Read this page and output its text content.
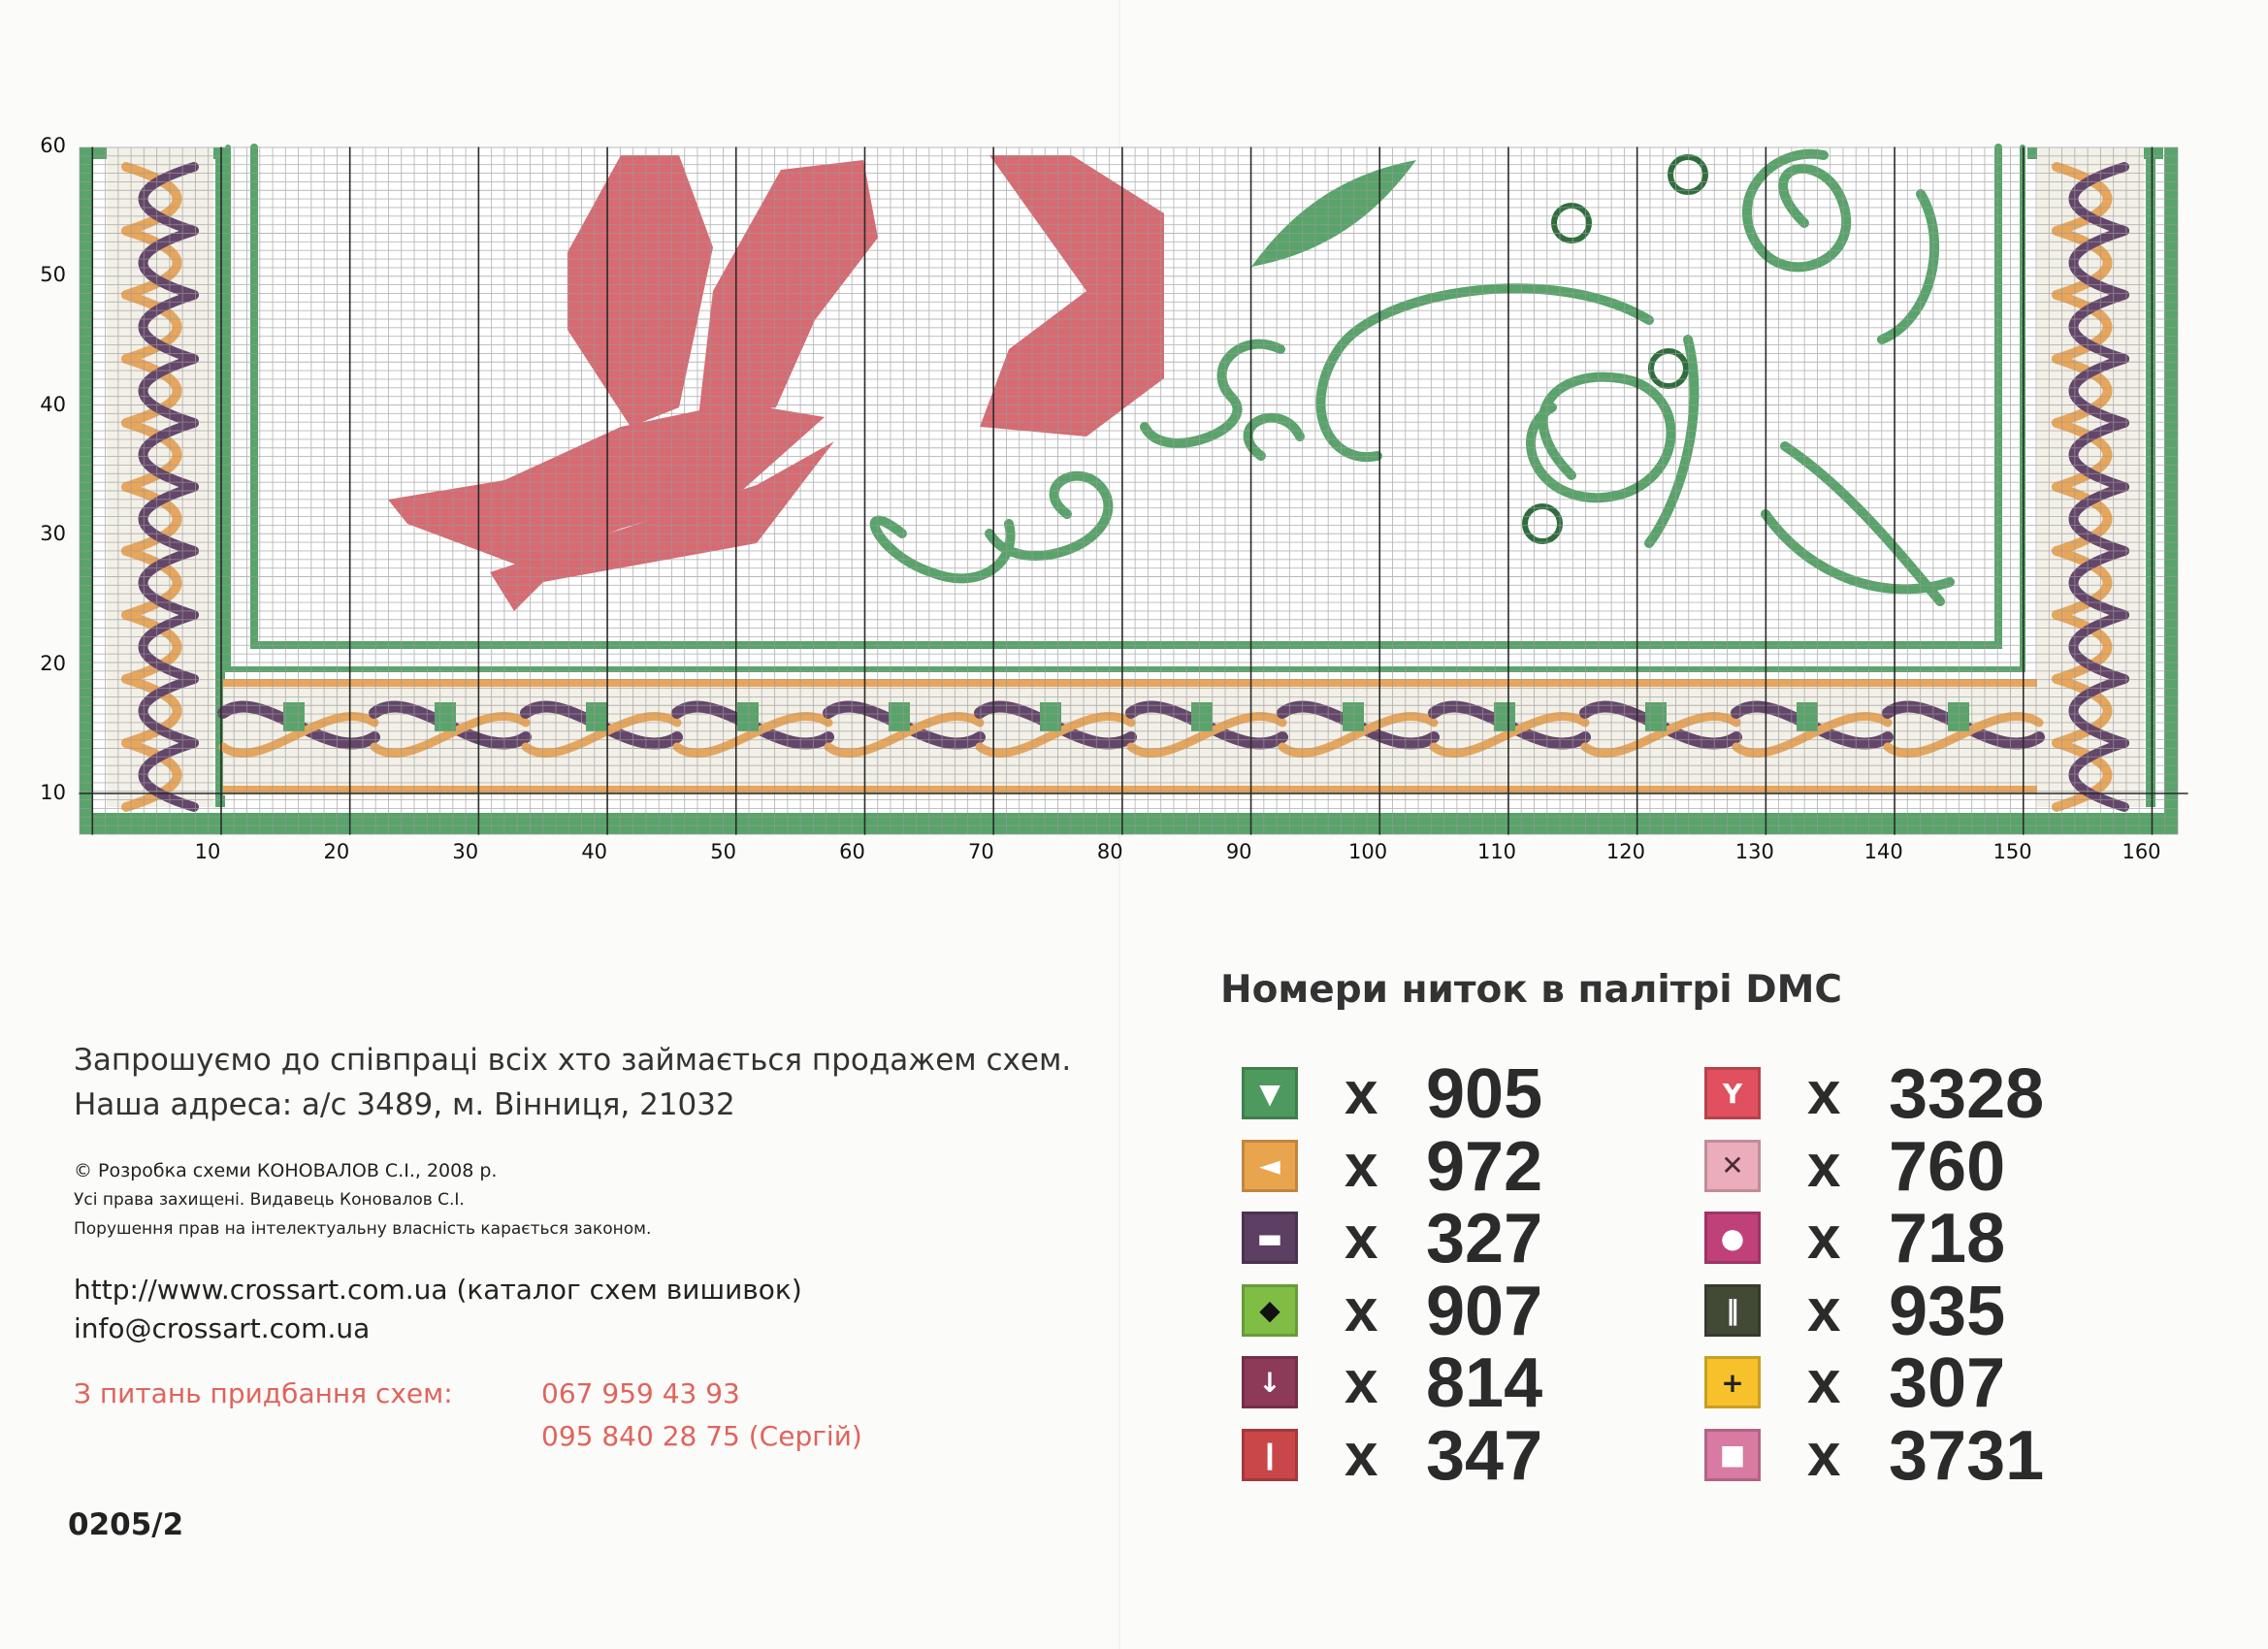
10
20
30
40
50
60
10	20	30	40	50	60	70	80	90	100	110	120	130	140	150	160
Запрошуємо до співпраці всіх хто займається продажем схем.
Наша адреса: а/с 3489, м. Вінниця, 21032
© Розробка схеми КОНОВАЛОВ С.І., 2008 р.
Усі права захищені. Видавець Коновалов С.І.
Порушення прав на інтелектуальну власність карається законом.
http://www.crossart.com.ua (каталог схем вишивок)
info@crossart.com.ua
З питань придбання схем:	067 959 43 93
095 840 28 75 (Сергій)
0205/2
Номери ниток в палітрі DMC
▼ x 905
◄ x 972
▬ x 327
◆ x 907
↓ x 814
❙ x 347
Y	x 3328
✕ x 760
● x 718
‖	x 935
+ x 307
■ x 3731
